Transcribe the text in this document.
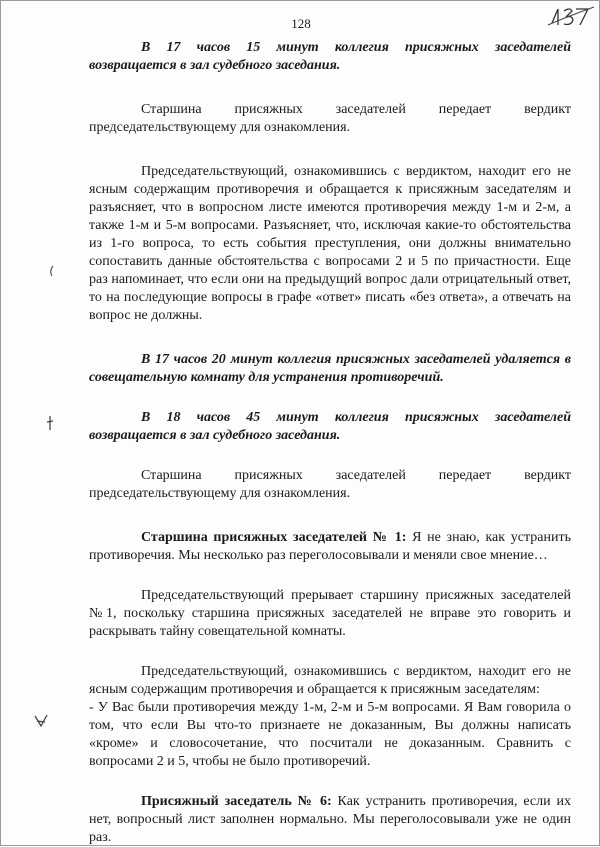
128

В 17 часов 15 минут коллегия присяжных заседателей возвращается в зал судебного заседания.

Старшина присяжных заседателей передает вердикт председательствующему для ознакомления.

Председательствующий, ознакомившись с вердиктом, находит его не ясным содержащим противоречия и обращается к присяжным заседателям и разъясняет, что в вопросном листе имеются противоречия между 1-м и 2-м, а также 1-м и 5-м вопросами. Разъясняет, что, исключая какие-то обстоятельства из 1-го вопроса, то есть события преступления, они должны внимательно сопоставить данные обстоятельства с вопросами 2 и 5 по причастности. Еще раз напоминает, что если они на предыдущий вопрос дали отрицательный ответ, то на последующие вопросы в графе «ответ» писать «без ответа», а отвечать на вопрос не должны.

В 17 часов 20 минут коллегия присяжных заседателей удаляется в совещательную комнату для устранения противоречий.

В 18 часов 45 минут коллегия присяжных заседателей возвращается в зал судебного заседания.

Старшина присяжных заседателей передает вердикт председательствующему для ознакомления.

Старшина присяжных заседателей № 1: Я не знаю, как устранить противоречия. Мы несколько раз переголосовывали и меняли свое мнение…

Председательствующий прерывает старшину присяжных заседателей №1, поскольку старшина присяжных заседателей не вправе это говорить и раскрывать тайну совещательной комнаты.

Председательствующий, ознакомившись с вердиктом, находит его не ясным содержащим противоречия и обращается к присяжным заседателям:

- У Вас были противоречия между 1-м, 2-м и 5-м вопросами. Я Вам говорила о том, что если Вы что-то признаете не доказанным, Вы должны написать «кроме» и словосочетание, что посчитали не доказанным. Сравнить с вопросами 2 и 5, чтобы не было противоречий.

Присяжный заседатель № 6: Как устранить противоречия, если их нет, вопросный лист заполнен нормально. Мы переголосовывали уже не один раз.
